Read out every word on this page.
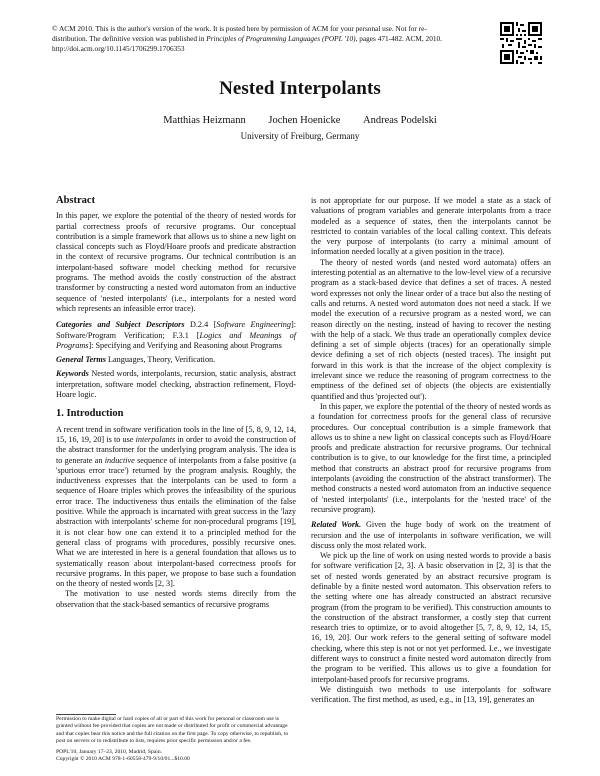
© ACM 2010. This is the author's version of the work. It is posted here by permission of ACM for your personal use. Not for re-

distribution. The definitive version was published in Principles of Programming Languages (POPL '10), pages 471-482. ACM, 2010.

http://doi.acm.org/10.1145/1706299.1706353

Nested Interpolants
Matthias Heizmann Jochen Hoenicke Andreas Podelski
University of Freiburg, Germany
Abstract

In this paper, we explore the potential of the theory of nested words for partial correctness proofs of recursive programs. Our conceptual contribution is a simple framework that allows us to shine a new light on classical concepts such as Floyd/Hoare proofs and predicate abstraction in the context of recursive programs. Our technical contribution is an interpolant-based software model checking method for recursive programs. The method avoids the costly construction of the abstract transformer by constructing a nested word automaton from an inductive sequence of 'nested interpolants' (i.e., interpolants for a nested word which represents an infeasible error trace).

Categories and Subject Descriptors D.2.4 [Software Engineering]: Software/Program Verification; F.3.1 [Logics and Meanings of Programs]: Specifying and Verifying and Reasoning about Programs

General Terms Languages, Theory, Verification.

Keywords Nested words, interpolants, recursion, static analysis, abstract interpretation, software model checking, abstraction refinement, Floyd-Hoare logic.

1. Introduction

A recent trend in software verification tools in the line of [5, 8, 9, 12, 14, 15, 16, 19, 20] is to use interpolants in order to avoid the construction of the abstract transformer for the underlying program analysis. The idea is to generate an inductive sequence of interpolants from a false positive (a 'spurious error trace') returned by the program analysis. Roughly, the inductiveness expresses that the interpolants can be used to form a sequence of Hoare triples which proves the infeasibility of the spurious error trace. The inductiveness thus entails the elimination of the false positive. While the approach is incarnated with great success in the 'lazy abstraction with interpolants' scheme for non-procedural programs [19], it is not clear how one can extend it to a principled method for the general class of programs with procedures, possibly recursive ones. What we are interested in here is a general foundation that allows us to systematically reason about interpolant-based correctness proofs for recursive programs. In this paper, we propose to base such a foundation on the theory of nested words [2, 3].

The motivation to use nested words stems directly from the observation that the stack-based semantics of recursive programs

is not appropriate for our purpose. If we model a state as a stack of valuations of program variables and generate interpolants from a trace modeled as a sequence of states, then the interpolants cannot be restricted to contain variables of the local calling context. This defeats the very purpose of interpolants (to carry a minimal amount of information needed locally at a given position in the trace).

The theory of nested words (and nested word automata) offers an interesting potential as an alternative to the low-level view of a recursive program as a stack-based device that defines a set of traces. A nested word expresses not only the linear order of a trace but also the nesting of calls and returns. A nested word automaton does not need a stack. If we model the execution of a recursive program as a nested word, we can reason directly on the nesting, instead of having to recover the nesting with the help of a stack. We thus trade an operationally complex device defining a set of simple objects (traces) for an operationally simple device defining a set of rich objects (nested traces). The insight put forward in this work is that the increase of the object complexity is irrelevant since we reduce the reasoning of program correctness to the emptiness of the defined set of objects (the objects are existentially quantified and thus 'projected out').

In this paper, we explore the potential of the theory of nested words as a foundation for correctness proofs for the general class of recursive procedures. Our conceptual contribution is a simple framework that allows us to shine a new light on classical concepts such as Floyd/Hoare proofs and predicate abstraction for recursive programs. Our technical contribution is to give, to our knowledge for the first time, a principled method that constructs an abstract proof for recursive programs from interpolants (avoiding the construction of the abstract transformer). The method constructs a nested word automaton from an inductive sequence of 'nested interpolants' (i.e., interpolants for the 'nested trace' of the recursive program).

Related Work. Given the huge body of work on the treatment of recursion and the use of interpolants in software verification, we will discuss only the most related work.

We pick up the line of work on using nested words to provide a basis for software verification [2, 3]. A basic observation in [2, 3] is that the set of nested words generated by an abstract recursive program is definable by a finite nested word automaton. This observation refers to the setting where one has already constructed an abstract recursive program (from the program to be verified). This construction amounts to the construction of the abstract transformer, a costly step that current research tries to optimize, or to avoid altogether [5, 7, 8, 9, 12, 14, 15, 16, 19, 20]. Our work refers to the general setting of software model checking, where this step is not or not yet performed. I.e., we investigate different ways to construct a finite nested word automaton directly from the program to be verified. This allows us to give a foundation for interpolant-based proofs for recursive programs.

We distinguish two methods to use interpolants for software verification. The first method, as used, e.g., in [13, 19], generates an

Permission to make digital or hard copies of all or part of this work for personal or classroom use is granted without fee provided that copies are not made or distributed for profit or commercial advantage and that copies bear this notice and the full citation on the first page. To copy otherwise, to republish, to post on servers or to redistribute to lists, requires prior specific permission and/or a fee.

POPL'10, January 17–23, 2010, Madrid, Spain.
Copyright © 2010 ACM 978-1-60558-479-9/10/01...$10.00
